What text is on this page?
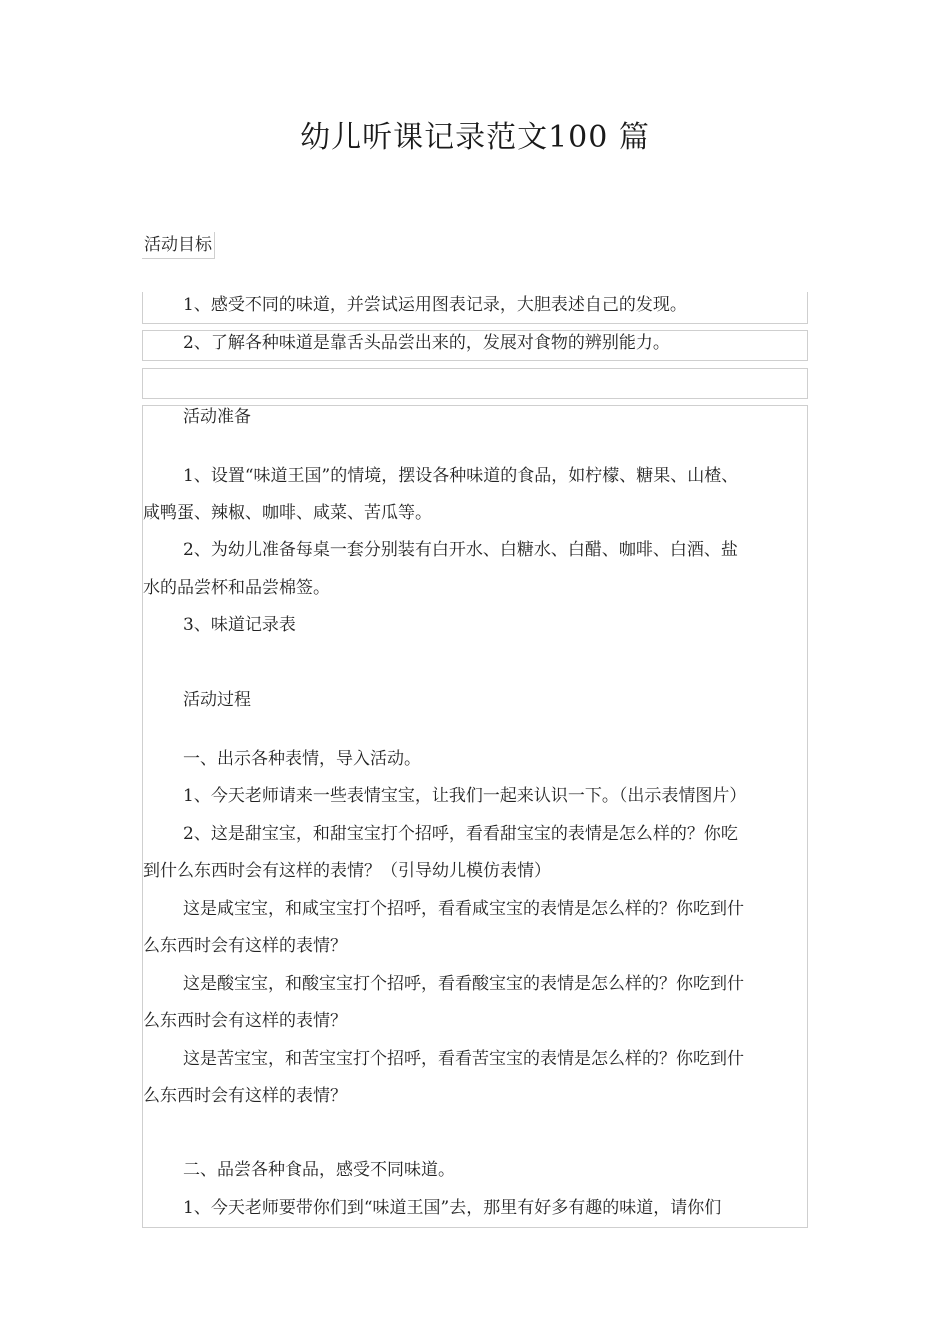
幼儿听课记录范文100 篇
活动目标
1、感受不同的味道，并尝试运用图表记录，大胆表述自己的发现。
2、了解各种味道是靠舌头品尝出来的，发展对食物的辨别能力。
活动准备
1、设置“味道王国”的情境，摆设各种味道的食品，如柠檬、糖果、山楂、
咸鸭蛋、辣椒、咖啡、咸菜、苦瓜等。
2、为幼儿准备每桌一套分别装有白开水、白糖水、白醋、咖啡、白酒、盐
水的品尝杯和品尝棉签。
3、味道记录表
活动过程
一、出示各种表情，导入活动。
1、今天老师请来一些表情宝宝，让我们一起来认识一下。（出示表情图片）
2、这是甜宝宝，和甜宝宝打个招呼，看看甜宝宝的表情是怎么样的？你吃
到什么东西时会有这样的表情？（引导幼儿模仿表情）
这是咸宝宝，和咸宝宝打个招呼，看看咸宝宝的表情是怎么样的？你吃到什
么东西时会有这样的表情？
这是酸宝宝，和酸宝宝打个招呼，看看酸宝宝的表情是怎么样的？你吃到什
么东西时会有这样的表情？
这是苦宝宝，和苦宝宝打个招呼，看看苦宝宝的表情是怎么样的？你吃到什
么东西时会有这样的表情？
二、品尝各种食品，感受不同味道。
1、今天老师要带你们到“味道王国”去，那里有好多有趣的味道，请你们
